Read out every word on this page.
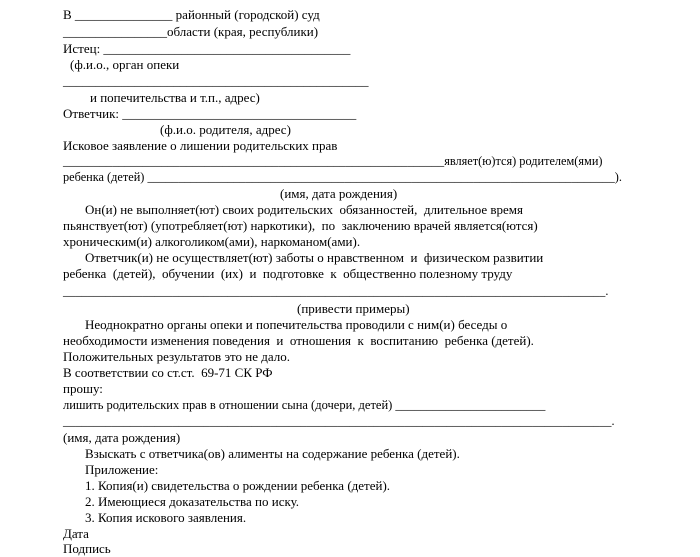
В _______________ районный (городской) суд
________________области (края, республики)
Истец: ______________________________________
(ф.и.о., орган опеки
_______________________________________________
и попечительства и т.п., адрес)
Ответчик: ____________________________________
(ф.и.о. родителя, адрес)
Исковое заявление о лишении родительских прав
______________________________________________________________являет(ю)тся) родителем(ями)
ребенка (детей) ____________________________________________________________________________).
(имя, дата рождения)
Он(и) не выполняет(ют) своих родительских  обязанностей,  длительное время
пьянствует(ют) (употребляет(ют) наркотики),  по  заключению врачей является(ются)
хроническим(и) алкоголиком(ами), наркоманом(ами).
Ответчик(и) не осуществляет(ют) заботы о нравственном  и  физическом развитии
ребенка  (детей),  обучении  (их)  и  подготовке  к  общественно полезному труду
_________________________________________________________________________________________.
(привести примеры)
Неоднократно органы опеки и попечительства проводили с ним(и) беседы о
необходимости изменения поведения  и  отношения  к  воспитанию  ребенка (детей).
Положительных результатов это не дало.
В соответствии со ст.ст.  69-71 СК РФ
прошу:
лишить родительских прав в отношении сына (дочери, детей) ________________________
__________________________________________________________________________________________.
(имя, дата рождения)
Взыскать с ответчика(ов) алименты на содержание ребенка (детей).
Приложение:
1. Копия(и) свидетельства о рождении ребенка (детей).
2. Имеющиеся доказательства по иску.
3. Копия искового заявления.
Дата
Подпись
